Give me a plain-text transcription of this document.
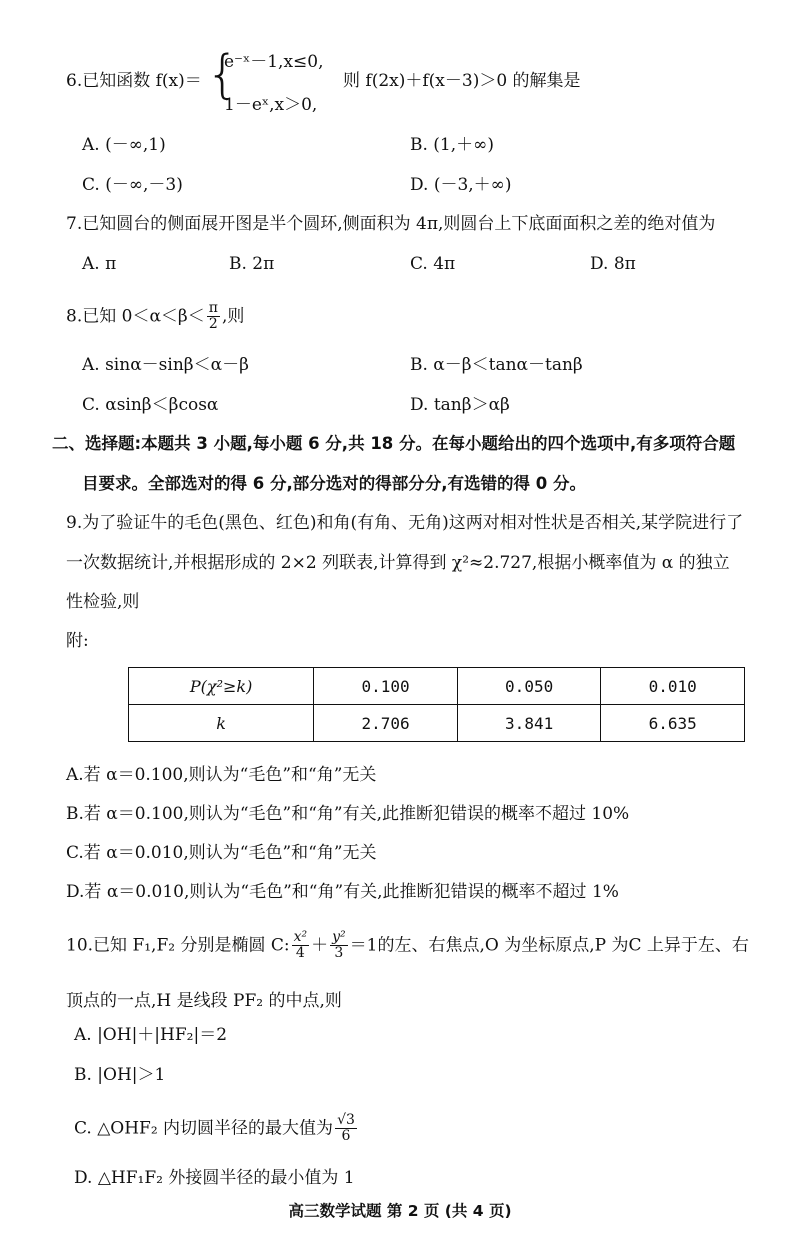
6.已知函数 f(x)＝ {
e⁻ˣ－1,x≤0,
1－eˣ,x＞0,
则 f(2x)＋f(x－3)＞0 的解集是
A. (－∞,1)	B. (1,＋∞)
C. (－∞,－3)	D. (－3,＋∞)
7.已知圆台的侧面展开图是半个圆环,侧面积为 4π,则圆台上下底面面积之差的绝对值为
A. π	B. 2π	C. 4π	D. 8π
8.已知 $0<\alpha<\beta< \frac{\pi}{2}$ ,则
A. sinα－sinβ＜α－β	B. α－β＜tanα－tanβ
C. αsinβ＜βcosα	D. tanβ＞αβ
二、选择题:本题共 3 小题,每小题 6 分,共 18 分。在每小题给出的四个选项中,有多项符合题
目要求。全部选对的得 6 分,部分选对的得部分分,有选错的得 0 分。
9.为了验证牛的毛色(黑色、红色)和角(有角、无角)这两对相对性状是否相关,某学院进行了
一次数据统计,并根据形成的 2×2 列联表,计算得到 χ²≈2.727,根据小概率值为 α 的独立
性检验,则
附:
P(χ²≥k)	0.100	0.050	0.010
k	2.706	3.841	6.635
A.若 α＝0.100,则认为“毛色”和“角”无关
B.若 α＝0.100,则认为“毛色”和“角”有关,此推断犯错误的概率不超过 10%
C.若 α＝0.010,则认为“毛色”和“角”无关
D.若 α＝0.010,则认为“毛色”和“角”有关,此推断犯错误的概率不超过 1%
10.已知 F₁,F₂ 分别是椭圆 C: $\frac{\text{x²}}{4} + \frac{\text{y²}}{3} =1$的左、右焦点,O 为坐标原点,P 为C 上异于左、右
顶点的一点,H 是线段 PF₂ 的中点,则
A. |OH|＋|HF₂|＝2
B. |OH|＞1
C. △OHF₂ 内切圆半径的最大值为 $\frac{√3}{6}$
D. △HF₁F₂ 外接圆半径的最小值为 1
高三数学试题 第 2 页 (共 4 页)
